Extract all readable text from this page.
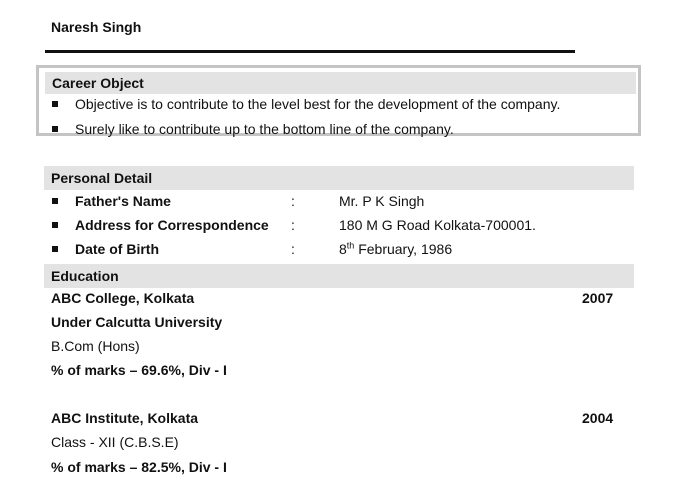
Naresh Singh
Career Object
Objective is to contribute to the level best for the development of the company.
Surely like to contribute up to the bottom line of the company.
Personal Detail
Father's Name	:	Mr. P K Singh
Address for Correspondence :	180 M G Road Kolkata-700001.
Date of Birth	:	8th February, 1986
Education
ABC College, Kolkata	2007
Under Calcutta University
B.Com (Hons)
% of marks – 69.6%, Div - I
ABC Institute, Kolkata	2004
Class - XII (C.B.S.E)
% of marks – 82.5%, Div - I
